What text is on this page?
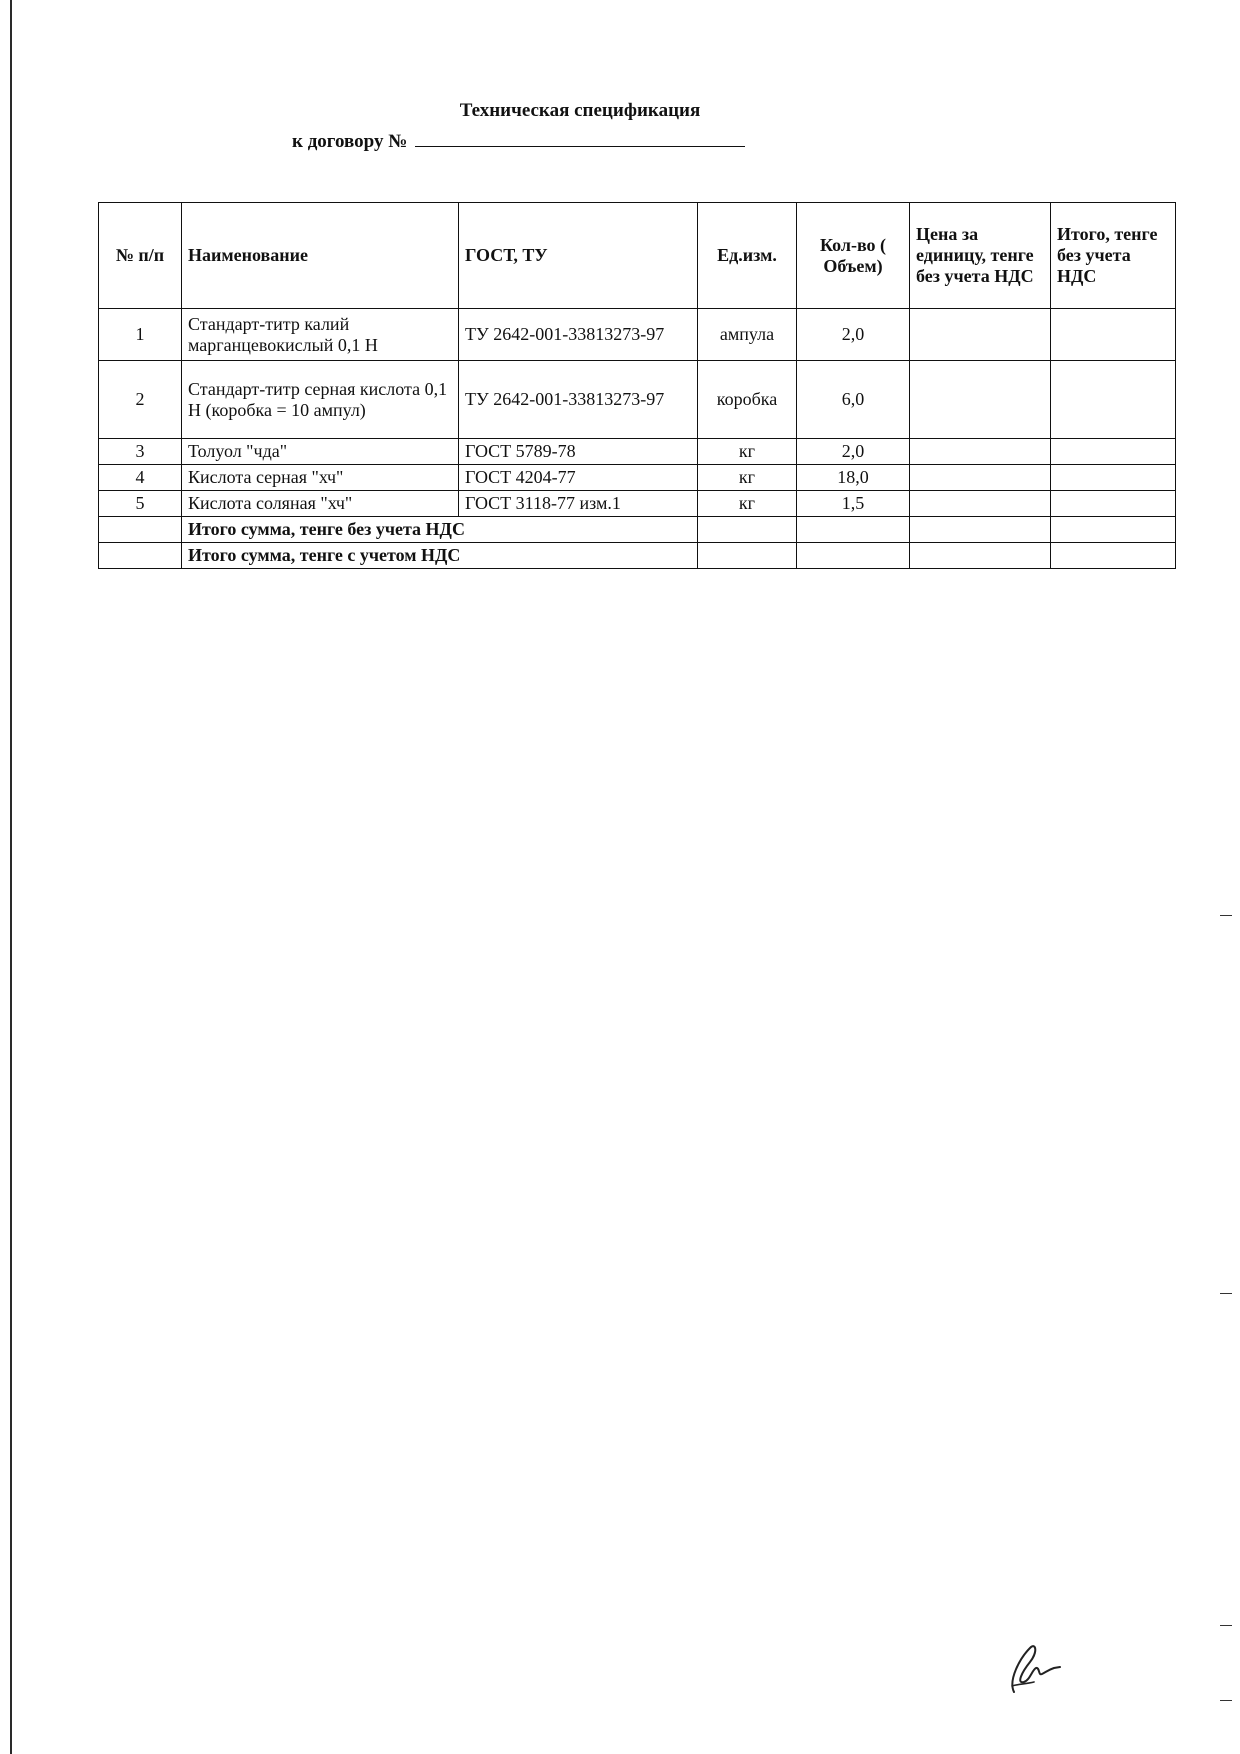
Техническая спецификация
к договору №
№ п/п	Наименование	ГОСТ, ТУ	Ед.изм.	Кол-во ( Объем)	Цена за единицу, тенге без учета НДС	Итого, тенге без учета НДС
1	Стандарт-титр калий марганцевокислый 0,1 Н	ТУ 2642-001-33813273-97	ампула	2,0		
2	Стандарт-титр серная кислота 0,1 Н (коробка = 10 ампул)	ТУ 2642-001-33813273-97	коробка	6,0		
3	Толуол "чда"	ГОСТ 5789-78	кг	2,0		
4	Кислота серная "хч"	ГОСТ 4204-77	кг	18,0		
5	Кислота соляная "хч"	ГОСТ 3118-77 изм.1	кг	1,5		
	Итого сумма, тенге без учета НДС					
	Итого сумма, тенге с учетом НДС					
